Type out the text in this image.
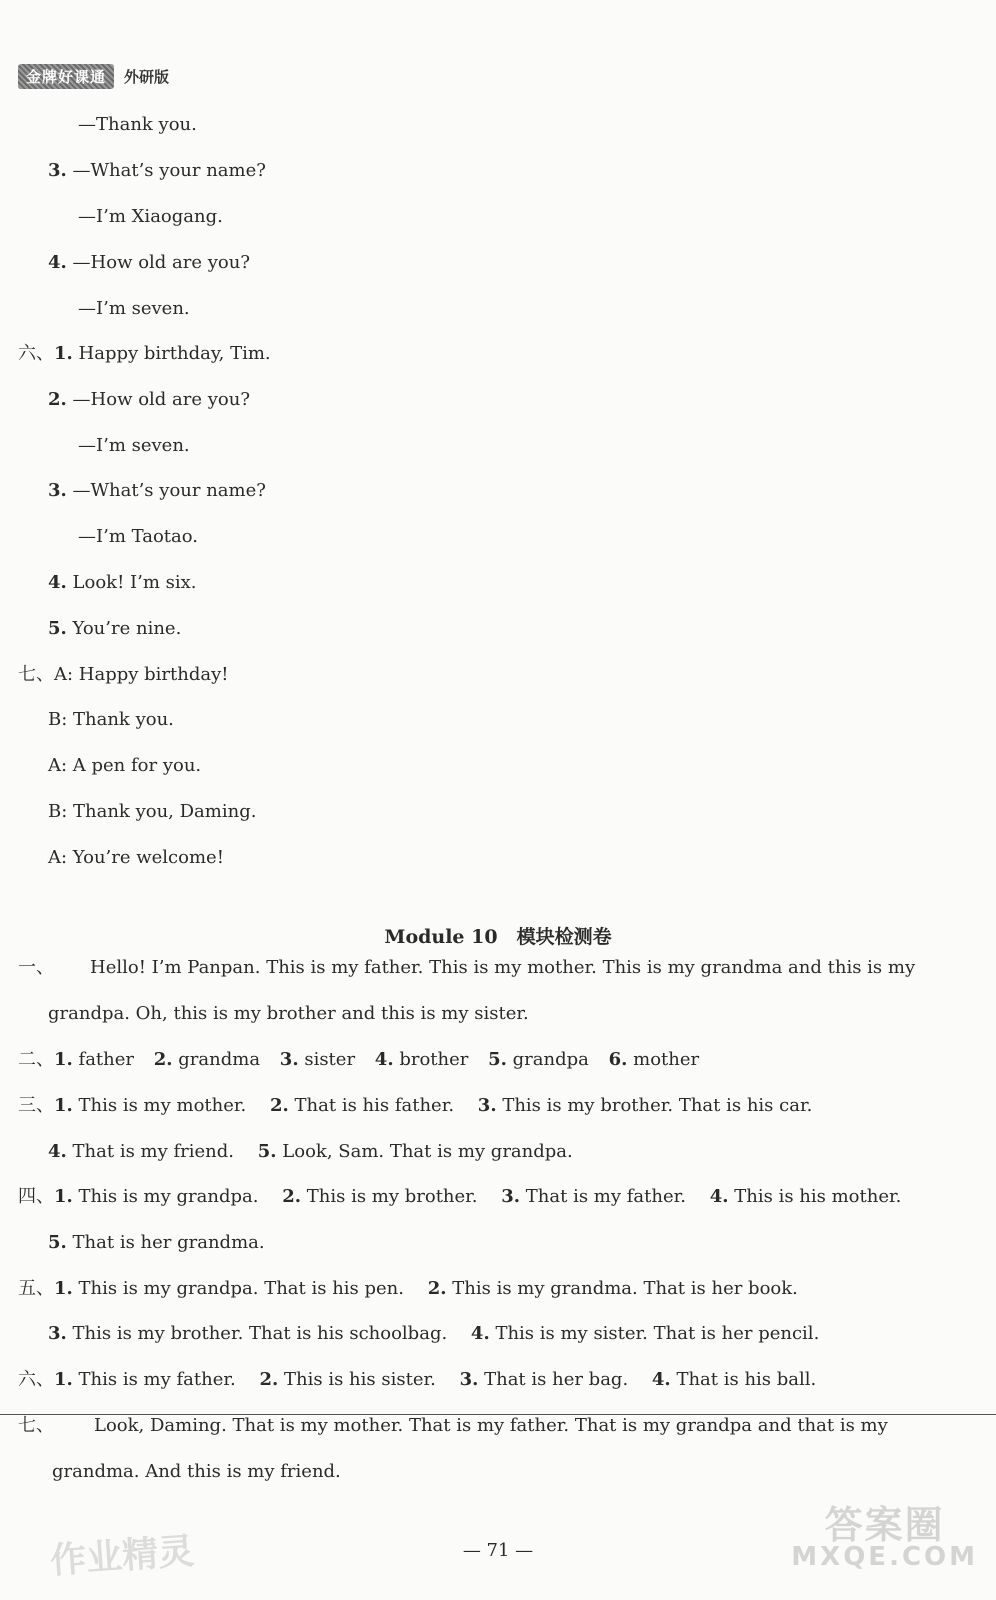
金牌好课通	外研版
—Thank you.
3. —What’s your name?
—I’m Xiaogang.
4. —How old are you?
—I’m seven.
六、1. Happy birthday, Tim.
2. —How old are you?
—I’m seven.
3. —What’s your name?
—I’m Taotao.
4. Look! I’m six.
5. You’re nine.
七、A: Happy birthday!
B: Thank you.
A: A pen for you.
B: Thank you, Daming.
A: You’re welcome!
Module 10　模块检测卷
一、 Hello! I’m Panpan. This is my father. This is my mother. This is my grandma and this is my
grandpa. Oh, this is my brother and this is my sister.
二、1. father 2. grandma 3. sister 4. brother 5. grandpa 6. mother
三、1. This is my mother. 2. That is his father. 3. This is my brother. That is his car.
4. That is my friend. 5. Look, Sam. That is my grandpa.
四、1. This is my grandpa. 2. This is my brother. 3. That is my father. 4. This is his mother.
5. That is her grandma.
五、1. This is my grandpa. That is his pen. 2. This is my grandma. That is her book.
3. This is my brother. That is his schoolbag. 4. This is my sister. That is her pencil.
六、1. This is my father. 2. This is his sister. 3. That is her bag. 4. That is his ball.
七、 Look, Daming. That is my mother. That is my father. That is my grandpa and that is my
grandma. And this is my friend.
作业精灵	— 71 —
答案圈
MXQE.COM
